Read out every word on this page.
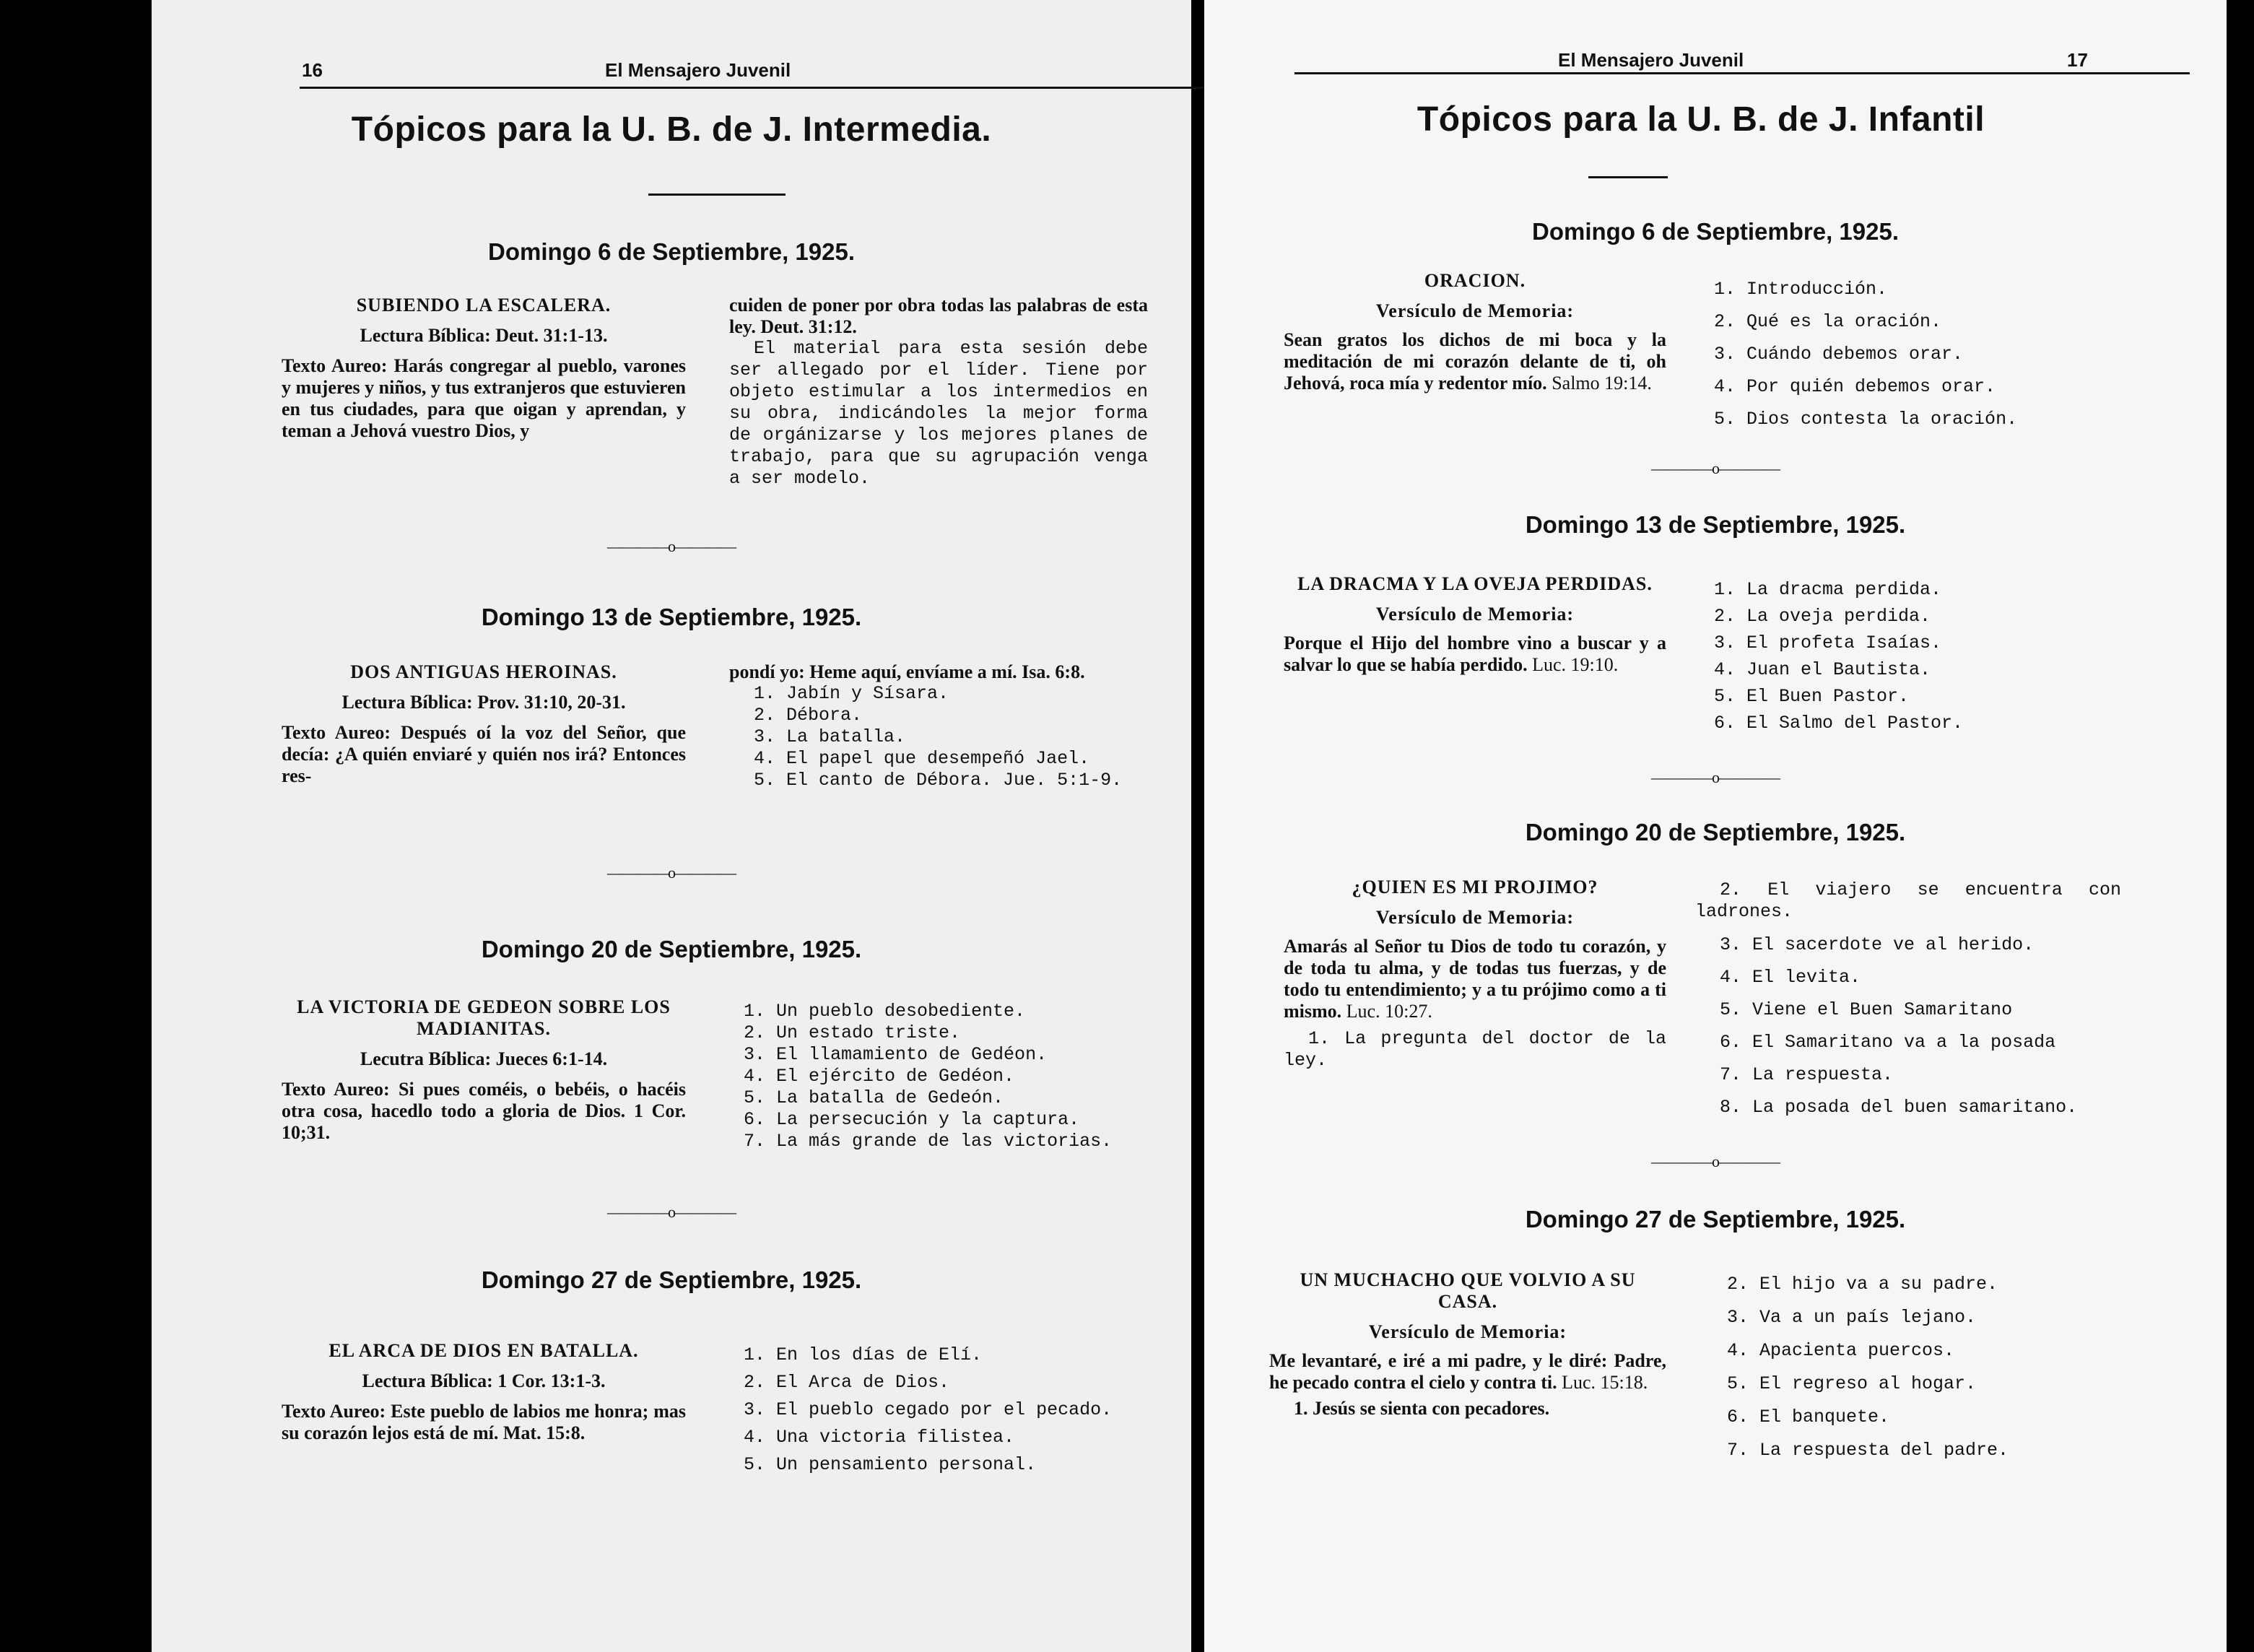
16	El Mensajero Juvenil
Tópicos para la U. B. de J. Intermedia.
Domingo 6 de Septiembre, 1925.
SUBIENDO LA ESCALERA.
Lectura Bíblica: Deut. 31:1-13.
Texto Aureo: Harás congregar al pueblo, varones y mujeres y niños, y tus extranjeros que estuvieren en tus ciudades, para que oigan y aprendan, y teman a Jehová vuestro Dios, y
cuiden de poner por obra todas las palabras de esta ley. Deut. 31:12.
El material para esta sesión debe ser allegado por el líder. Tiene por objeto estimular a los intermedios en su obra, indicándoles la mejor forma de orgánizarse y los mejores planes de trabajo, para que su agrupación venga a ser modelo.
————o————
Domingo 13 de Septiembre, 1925.
DOS ANTIGUAS HEROINAS.
Lectura Bíblica: Prov. 31:10, 20-31.
Texto Aureo: Después oí la voz del Señor, que decía: ¿A quién enviaré y quién nos irá? Entonces res-
pondí yo: Heme aquí, envíame a mí. Isa. 6:8.
1. Jabín y Sísara.
2. Débora.
3. La batalla.
4. El papel que desempeñó Jael.
5. El canto de Débora. Jue. 5:1-9.
————o————
Domingo 20 de Septiembre, 1925.
LA VICTORIA DE GEDEON SOBRE LOS MADIANITAS.
Lecutra Bíblica: Jueces 6:1-14.
Texto Aureo: Si pues coméis, o bebéis, o hacéis otra cosa, hacedlo todo a gloria de Dios. 1 Cor. 10;31.
1. Un pueblo desobediente.
2. Un estado triste.
3. El llamamiento de Gedéon.
4. El ejército de Gedéon.
5. La batalla de Gedeón.
6. La persecución y la captura.
7. La más grande de las victorias.
————o————
Domingo 27 de Septiembre, 1925.
EL ARCA DE DIOS EN BATALLA.
Lectura Bíblica: 1 Cor. 13:1-3.
Texto Aureo: Este pueblo de labios me honra; mas su corazón lejos está de mí. Mat. 15:8.
1. En los días de Elí.
2. El Arca de Dios.
3. El pueblo cegado por el pecado.
4. Una victoria filistea.
5. Un pensamiento personal.
El Mensajero Juvenil	17
Tópicos para la U. B. de J. Infantil
Domingo 6 de Septiembre, 1925.
ORACION.
Versículo de Memoria:
Sean gratos los dichos de mi boca y la meditación de mi corazón delante de ti, oh Jehová, roca mía y redentor mío. Salmo 19:14.
1. Introducción.
2. Qué es la oración.
3. Cuándo debemos orar.
4. Por quién debemos orar.
5. Dios contesta la oración.
————o————
Domingo 13 de Septiembre, 1925.
LA DRACMA Y LA OVEJA PERDIDAS.
Versículo de Memoria:
Porque el Hijo del hombre vino a buscar y a salvar lo que se había perdido. Luc. 19:10.
1. La dracma perdida.
2. La oveja perdida.
3. El profeta Isaías.
4. Juan el Bautista.
5. El Buen Pastor.
6. El Salmo del Pastor.
————o————
Domingo 20 de Septiembre, 1925.
¿QUIEN ES MI PROJIMO?
Versículo de Memoria:
Amarás al Señor tu Dios de todo tu corazón, y de toda tu alma, y de todas tus fuerzas, y de todo tu entendimiento; y a tu prójimo como a ti mismo. Luc. 10:27.
1. La pregunta del doctor de la ley.
2. El viajero se encuentra con ladrones.
3. El sacerdote ve al herido.
4. El levita.
5. Viene el Buen Samaritano
6. El Samaritano va a la posada
7. La respuesta.
8. La posada del buen samaritano.
————o————
Domingo 27 de Septiembre, 1925.
UN MUCHACHO QUE VOLVIO A SU CASA.
Versículo de Memoria:
Me levantaré, e iré a mi padre, y le diré: Padre, he pecado contra el cielo y contra ti. Luc. 15:18.
1. Jesús se sienta con pecadores.
2. El hijo va a su padre.
3. Va a un país lejano.
4. Apacienta puercos.
5. El regreso al hogar.
6. El banquete.
7. La respuesta del padre.
